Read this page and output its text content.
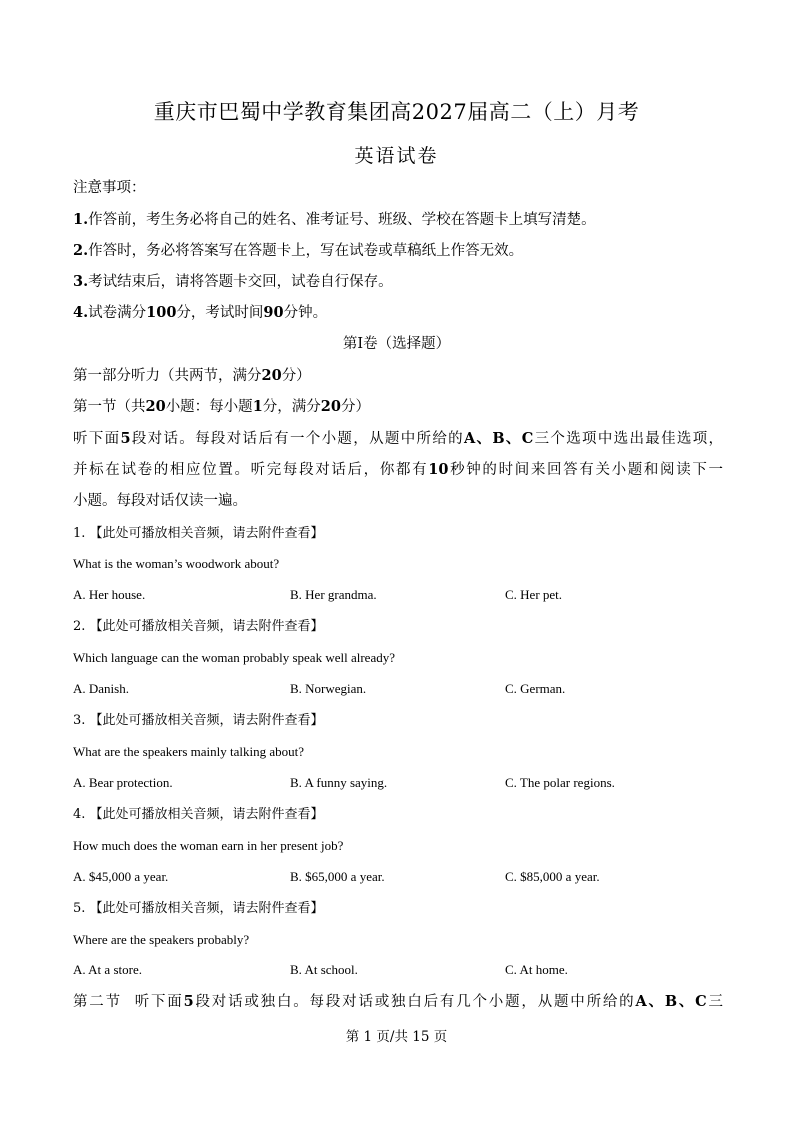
重庆市巴蜀中学教育集团高2027届高二（上）月考
英语试卷
注意事项：
1.作答前，考生务必将自己的姓名、准考证号、班级、学校在答题卡上填写清楚。
2.作答时，务必将答案写在答题卡上，写在试卷或草稿纸上作答无效。
3.考试结束后，请将答题卡交回，试卷自行保存。
4.试卷满分100分，考试时间90分钟。
第Ⅰ卷（选择题）
第一部分听力（共两节，满分20分）
第一节（共20小题：每小题1分，满分20分）
听下面5段对话。每段对话后有一个小题，从题中所给的A、B、C三个选项中选出最佳选项，
并标在试卷的相应位置。听完每段对话后，你都有10秒钟的时间来回答有关小题和阅读下一
小题。每段对话仅读一遍。
1. 【此处可播放相关音频，请去附件查看】
What is the woman’s woodwork about?
A. Her house.	B. Her grandma.	C. Her pet.
2. 【此处可播放相关音频，请去附件查看】
Which language can the woman probably speak well already?
A. Danish.	B. Norwegian.	C. German.
3. 【此处可播放相关音频，请去附件查看】
What are the speakers mainly talking about?
A. Bear protection.	B. A funny saying.	C. The polar regions.
4. 【此处可播放相关音频，请去附件查看】
How much does the woman earn in her present job?
A. $45,000 a year.	B. $65,000 a year.	C. $85,000 a year.
5. 【此处可播放相关音频，请去附件查看】
Where are the speakers probably?
A. At a store.	B. At school.	C. At home.
第二节  听下面5段对话或独白。每段对话或独白后有几个小题，从题中所给的A、B、C三
第 1 页/共 15 页
